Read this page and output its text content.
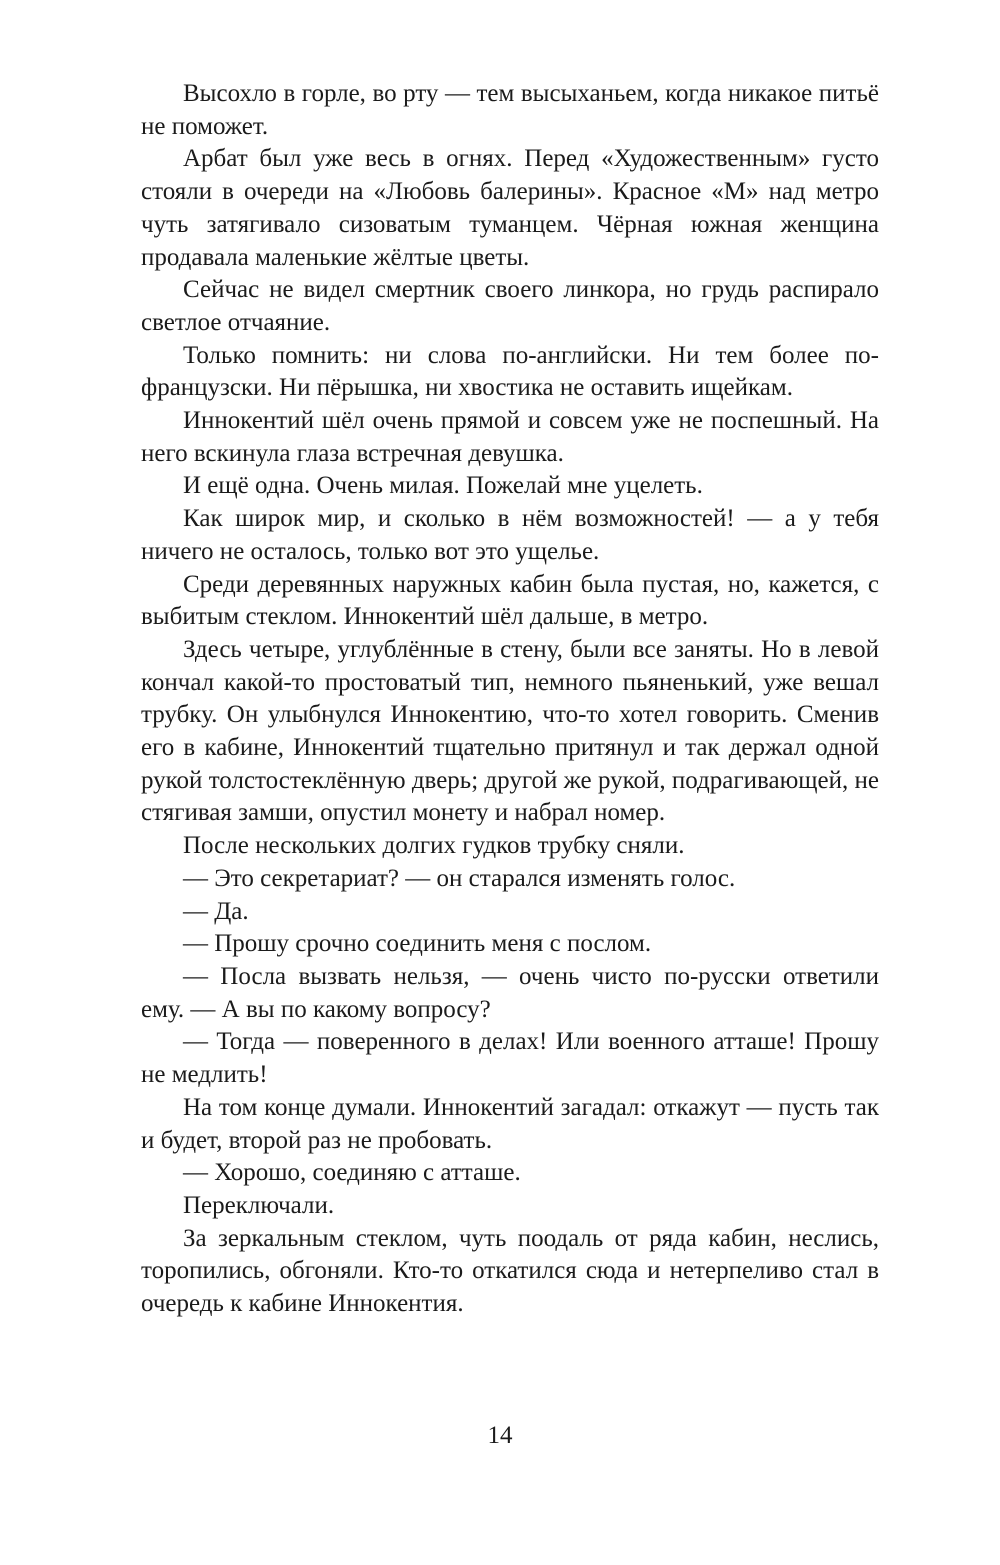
Высохло в горле, во рту — тем высыханьем, когда никакое питьё не поможет.

Арбат был уже весь в огнях. Перед «Художественным» густо стояли в очереди на «Любовь балерины». Красное «М» над метро чуть затягивало сизоватым туманцем. Чёрная южная женщина продавала маленькие жёлтые цветы.

Сейчас не видел смертник своего линкора, но грудь распирало светлое отчаяние.

Только помнить: ни слова по-английски. Ни тем более по-французски. Ни пёрышка, ни хвостика не оставить ищейкам.

Иннокентий шёл очень прямой и совсем уже не поспешный. На него вскинула глаза встречная девушка.

И ещё одна. Очень милая. Пожелай мне уцелеть.

Как широк мир, и сколько в нём возможностей! — а у тебя ничего не осталось, только вот это ущелье.

Среди деревянных наружных кабин была пустая, но, кажется, с выбитым стеклом. Иннокентий шёл дальше, в метро.

Здесь четыре, углублённые в стену, были все заняты. Но в левой кончал какой-то простоватый тип, немного пьяненький, уже вешал трубку. Он улыбнулся Иннокентию, что-то хотел говорить. Сменив его в кабине, Иннокентий тщательно притянул и так держал одной рукой толстостеклённую дверь; другой же рукой, подрагивающей, не стягивая замши, опустил монету и набрал номер.

После нескольких долгих гудков трубку сняли.

— Это секретариат? — он старался изменять голос.

— Да.

— Прошу срочно соединить меня с послом.

— Посла вызвать нельзя, — очень чисто по-русски ответили ему. — А вы по какому вопросу?

— Тогда — поверенного в делах! Или военного атташе! Прошу не медлить!

На том конце думали. Иннокентий загадал: откажут — пусть так и будет, второй раз не пробовать.

— Хорошо, соединяю с атташе.

Переключали.

За зеркальным стеклом, чуть поодаль от ряда кабин, неслись, торопились, обгоняли. Кто-то откатился сюда и нетерпеливо стал в очередь к кабине Иннокентия.

14
